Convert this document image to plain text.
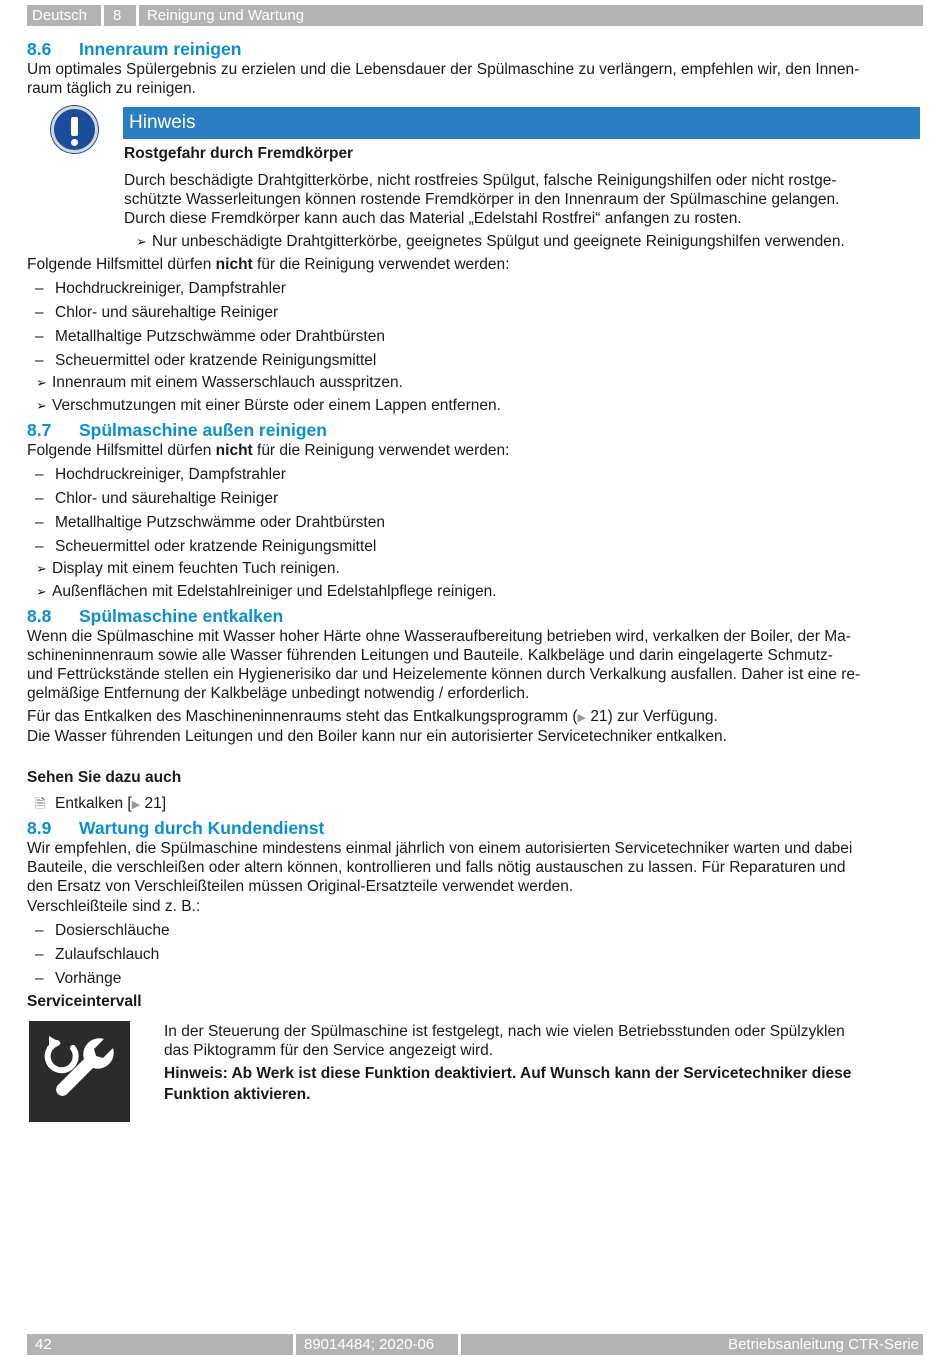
Deutsch	8	Reinigung und Wartung
8.6 Innenraum reinigen
Um optimales Spülergebnis zu erzielen und die Lebensdauer der Spülmaschine zu verlängern, empfehlen wir, den Innen-
raum täglich zu reinigen.
Hinweis
Rostgefahr durch Fremdkörper
Durch beschädigte Drahtgitterkörbe, nicht rostfreies Spülgut, falsche Reinigungshilfen oder nicht rostge-
schützte Wasserleitungen können rostende Fremdkörper in den Innenraum der Spülmaschine gelangen.
Durch diese Fremdkörper kann auch das Material „Edelstahl Rostfrei“ anfangen zu rosten.
➢ Nur unbeschädigte Drahtgitterkörbe, geeignetes Spülgut und geeignete Reinigungshilfen verwenden.
Folgende Hilfsmittel dürfen nicht für die Reinigung verwendet werden:
– Hochdruckreiniger, Dampfstrahler
– Chlor- und säurehaltige Reiniger
– Metallhaltige Putzschwämme oder Drahtbürsten
– Scheuermittel oder kratzende Reinigungsmittel
➢ Innenraum mit einem Wasserschlauch ausspritzen.
➢ Verschmutzungen mit einer Bürste oder einem Lappen entfernen.
8.7 Spülmaschine außen reinigen
Folgende Hilfsmittel dürfen nicht für die Reinigung verwendet werden:
– Hochdruckreiniger, Dampfstrahler
– Chlor- und säurehaltige Reiniger
– Metallhaltige Putzschwämme oder Drahtbürsten
– Scheuermittel oder kratzende Reinigungsmittel
➢ Display mit einem feuchten Tuch reinigen.
➢ Außenflächen mit Edelstahlreiniger und Edelstahlpflege reinigen.
8.8 Spülmaschine entkalken
Wenn die Spülmaschine mit Wasser hoher Härte ohne Wasseraufbereitung betrieben wird, verkalken der Boiler, der Ma-
schineninnenraum sowie alle Wasser führenden Leitungen und Bauteile. Kalkbeläge und darin eingelagerte Schmutz-
und Fettrückstände stellen ein Hygienerisiko dar und Heizelemente können durch Verkalkung ausfallen. Daher ist eine re-
gelmäßige Entfernung der Kalkbeläge unbedingt notwendig / erforderlich.
Für das Entkalken des Maschineninnenraums steht das Entkalkungsprogramm (▶ 21) zur Verfügung.
Die Wasser führenden Leitungen und den Boiler kann nur ein autorisierter Servicetechniker entkalken.
Sehen Sie dazu auch
🗎 Entkalken [▶ 21]
8.9 Wartung durch Kundendienst
Wir empfehlen, die Spülmaschine mindestens einmal jährlich von einem autorisierten Servicetechniker warten und dabei
Bauteile, die verschleißen oder altern können, kontrollieren und falls nötig austauschen zu lassen. Für Reparaturen und
den Ersatz von Verschleißteilen müssen Original-Ersatzteile verwendet werden.
Verschleißteile sind z. B.:
– Dosierschläuche
– Zulaufschlauch
– Vorhänge
Serviceintervall
In der Steuerung der Spülmaschine ist festgelegt, nach wie vielen Betriebsstunden oder Spülzyklen
das Piktogramm für den Service angezeigt wird.
Hinweis: Ab Werk ist diese Funktion deaktiviert. Auf Wunsch kann der Servicetechniker diese
Funktion aktivieren.
42	89014484; 2020-06	Betriebsanleitung CTR-Serie
